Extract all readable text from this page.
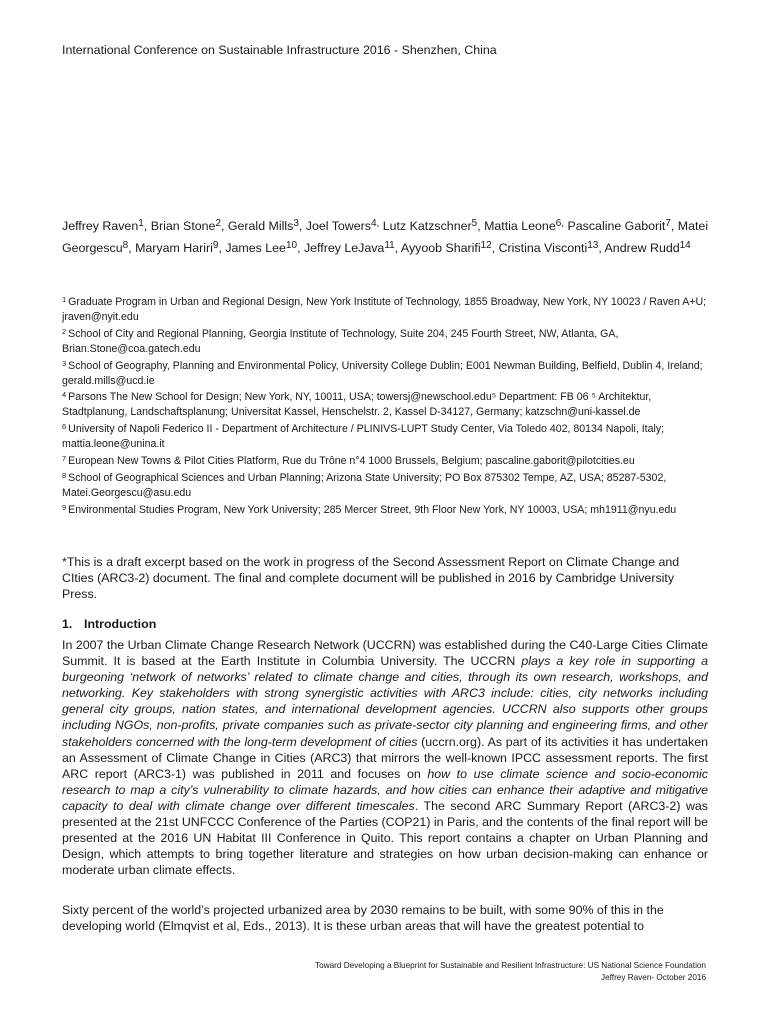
International Conference on Sustainable Infrastructure 2016 - Shenzhen, China
Jeffrey Raven$^1$, Brian Stone$^2$, Gerald Mills$^3$, Joel Towers$^{4,}$ Lutz Katzschner$^5$, Mattia Leone$^{6,}$ Pascaline Gaborit$^7$, Matei Georgescu$^8$, Maryam Hariri$^9$, James Lee$^{10}$, Jeffrey LeJava$^{11}$, Ayyoob Sharifi$^{12}$, Cristina Visconti$^{13}$, Andrew Rudd$^{14}$
$^1$ Graduate Program in Urban and Regional Design, New York Institute of Technology, 1855 Broadway, New York, NY 10023 / Raven A+U; jraven@nyit.edu
$^2$ School of City and Regional Planning, Georgia Institute of Technology, Suite 204, 245 Fourth Street, NW, Atlanta, GA, Brian.Stone@coa.gatech.edu
$^3$ School of Geography, Planning and Environmental Policy, University College Dublin; E001 Newman Building, Belfield, Dublin 4, Ireland; gerald.mills@ucd.ie
$^4$ Parsons The New School for Design; New York, NY, 10011, USA; towersj@newschool.edu⁵ Department: FB 06 ⁵ Architektur, Stadtplanung, Landschaftsplanung; Universitat Kassel, Henschelstr. 2, Kassel D-34127, Germany; katzschn@uni-kassel.de
$^6$ University of Napoli Federico II - Department of Architecture / PLINIVS-LUPT Study Center, Via Toledo 402, 80134 Napoli, Italy; mattia.leone@unina.it
$^7$ European New Towns & Pilot Cities Platform, Rue du Trône n°4 1000 Brussels, Belgium; pascaline.gaborit@pilotcities.eu
$^8$ School of Geographical Sciences and Urban Planning; Arizona State University; PO Box 875302 Tempe, AZ, USA; 85287-5302, Matei.Georgescu@asu.edu
$^9$ Environmental Studies Program, New York University; 285 Mercer Street, 9th Floor New York, NY 10003, USA; mh1911@nyu.edu
*This is a draft excerpt based on the work in progress of the Second Assessment Report on Climate Change and CIties (ARC3-2) document. The final and complete document will be published in 2016 by Cambridge University Press.
1. Introduction

In 2007 the Urban Climate Change Research Network (UCCRN) was established during the C40-Large Cities Climate Summit. It is based at the Earth Institute in Columbia University. The UCCRN plays a key role in supporting a burgeoning ‘network of networks’ related to climate change and cities, through its own research, workshops, and networking. Key stakeholders with strong synergistic activities with ARC3 include: cities, city networks including general city groups, nation states, and international development agencies. UCCRN also supports other groups including NGOs, non-profits, private companies such as private-sector city planning and engineering firms, and other stakeholders concerned with the long-term development of cities (uccrn.org). As part of its activities it has undertaken an Assessment of Climate Change in Cities (ARC3) that mirrors the well-known IPCC assessment reports. The first ARC report (ARC3-1) was published in 2011 and focuses on how to use climate science and socio-economic research to map a city’s vulnerability to climate hazards, and how cities can enhance their adaptive and mitigative capacity to deal with climate change over different timescales. The second ARC Summary Report (ARC3-2) was presented at the 21st UNFCCC Conference of the Parties (COP21) in Paris, and the contents of the final report will be presented at the 2016 UN Habitat III Conference in Quito. This report contains a chapter on Urban Planning and Design, which attempts to bring together literature and strategies on how urban decision-making can enhance or moderate urban climate effects.

Sixty percent of the world’s projected urbanized area by 2030 remains to be built, with some 90% of this in the developing world (Elmqvist et al, Eds., 2013). It is these urban areas that will have the greatest potential to

Toward Developing a Blueprint for Sustainable and Resilient Infrastructure: US National Science Foundation
Jeffrey Raven- October 2016
